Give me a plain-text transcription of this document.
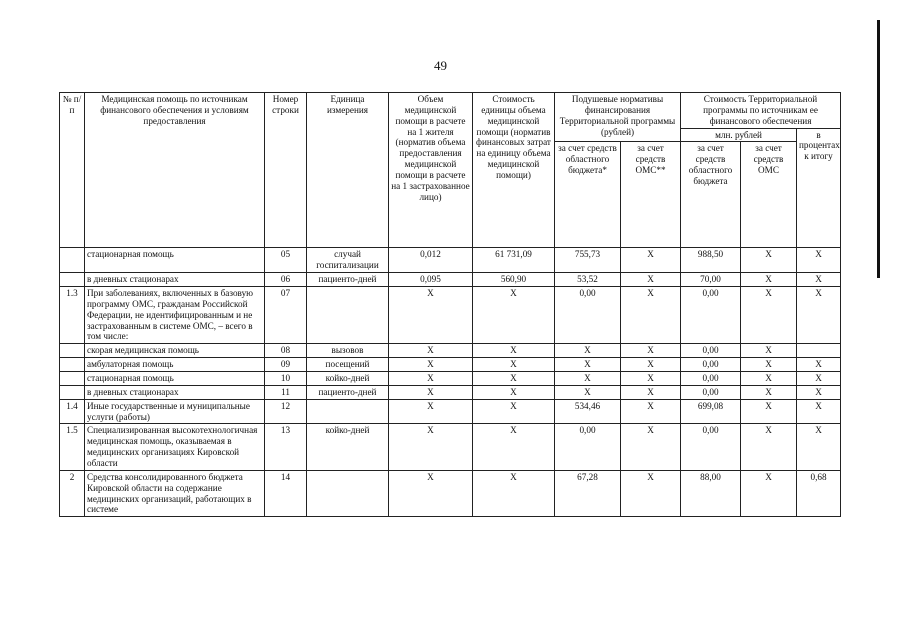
49
№ п/п	Медицинская помощь по источникам финансового обеспечения и условиям предоставления	Номер строки	Единица измерения	Объем медицинской помощи в расчете на 1 жителя (норматив объема предоставления медицинской помощи в расчете на 1 застрахованное лицо)	Стоимость единицы объема медицинской помощи (норматив финансовых затрат на единицу объема медицинской помощи)	Подушевые нормативы финансирования Территориальной программы (рублей)		Стоимость Территориальной программы по источникам ее финансового обеспечения		
								млн. рублей		в процентах к итогу
						за счет средств областного бюджета*	за счет средств ОМС**	за счет средств областного бюджета	за счет средств ОМС	
	стационарная помощь	05	случай госпитализации	0,012	61 731,09	755,73	X	988,50	X	X
	в дневных стационарах	06	пациенто-дней	0,095	560,90	53,52	X	70,00	X	X
1.3	При заболеваниях, включенных в базовую программу ОМС, гражданам Российской Федерации, не идентифицированным и не застрахованным в системе ОМС, – всего в том числе:	07		X	X	0,00	X	0,00	X	X
	скорая медицинская помощь	08	вызовов	X	X	X	X	0,00	X	
	амбулаторная помощь	09	посещений	X	X	X	X	0,00	X	X
	стационарная помощь	10	койко-дней	X	X	X	X	0,00	X	X
	в дневных стационарах	11	пациенто-дней	X	X	X	X	0,00	X	X
1.4	Иные государственные и муниципальные услуги (работы)	12		X	X	534,46	X	699,08	X	X
1.5	Специализированная высокотехнологичная медицинская помощь, оказываемая в медицинских организациях Кировской области	13	койко-дней	X	X	0,00	X	0,00	X	X
2	Средства консолидированного бюджета Кировской области на содержание медицинских организаций, работающих в системе	14		X	X	67,28	X	88,00	X	0,68
